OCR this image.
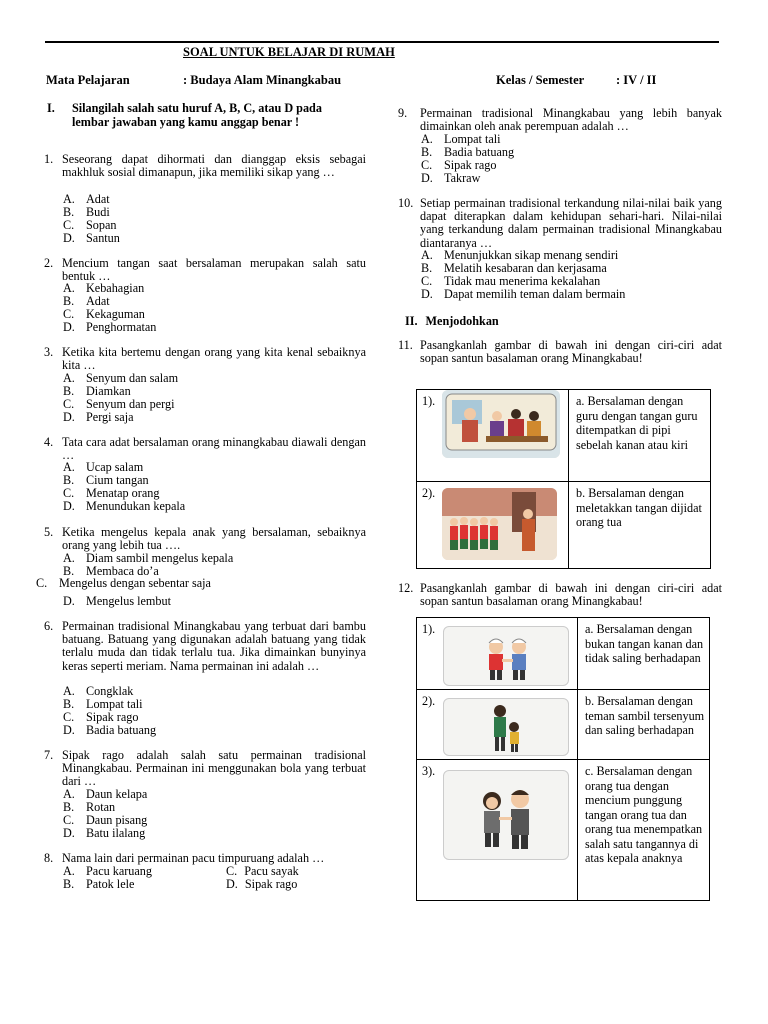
SOAL UNTUK BELAJAR DI RUMAH
Mata Pelajaran	: Budaya Alam Minangkabau	Kelas / Semester	: IV / II
I. Silangilah salah satu huruf A, B, C, atau D pada lembar jawaban yang kamu anggap benar !
1. Seseorang dapat dihormati dan dianggap eksis sebagai makhluk sosial dimanapun, jika memiliki sikap yang …
A. Adat
B. Budi
C. Sopan
D. Santun
2. Mencium tangan saat bersalaman merupakan salah satu bentuk …
A. Kebahagian
B. Adat
C. Kekaguman
D. Penghormatan
3. Ketika kita bertemu dengan orang yang kita kenal sebaiknya kita …
A. Senyum dan salam
B. Diamkan
C. Senyum dan pergi
D. Pergi saja
4. Tata cara adat bersalaman orang minangkabau diawali dengan …
A. Ucap salam
B. Cium tangan
C. Menatap orang
D. Menundukan kepala
5. Ketika mengelus kepala anak yang bersalaman, sebaiknya orang yang lebih tua ….
A. Diam sambil mengelus kepala
B. Membaca do’a
C. Mengelus dengan sebentar saja
D. Mengelus lembut
6. Permainan tradisional Minangkabau yang terbuat dari bambu batuang. Batuang yang digunakan adalah batuang yang tidak terlalu muda dan tidak terlalu tua. Jika dimainkan bunyinya keras seperti meriam. Nama permainan ini adalah …
A. Congklak
B. Lompat tali
C. Sipak rago
D. Badia batuang
7. Sipak rago adalah salah satu permainan tradisional Minangkabau. Permainan ini menggunakan bola yang terbuat dari …
A. Daun kelapa
B. Rotan
C. Daun pisang
D. Batu ilalang
8. Nama lain dari permainan pacu timpuruang adalah …
A. Pacu karuang
B. Patok lele
C. Pacu sayak
D. Sipak rago
9. Permainan tradisional Minangkabau yang lebih banyak dimainkan oleh anak perempuan adalah …
A. Lompat tali
B. Badia batuang
C. Sipak rago
D. Takraw
10. Setiap permainan tradisional terkandung nilai-nilai baik yang dapat diterapkan dalam kehidupan sehari-hari. Nilai-nilai yang terkandung dalam permainan tradisional Minangkabau diantaranya …
A. Menunjukkan sikap menang sendiri
B. Melatih kesabaran dan kerjasama
C. Tidak mau menerima kekalahan
D. Dapat memilih teman dalam bermain
II. Menjodohkan
11. Pasangkanlah gambar di bawah ini dengan ciri-ciri adat sopan santun basalaman orang Minangkabau!
1).	a. Bersalaman dengan guru dengan tangan guru ditempatkan di pipi sebelah kanan atau kiri
2).	b. Bersalaman dengan meletakkan tangan dijidat orang tua
12. Pasangkanlah gambar di bawah ini dengan ciri-ciri adat sopan santun basalaman orang Minangkabau!
1).	a. Bersalaman dengan bukan tangan kanan dan tidak saling berhadapan
2).	b. Bersalaman dengan teman sambil tersenyum dan saling berhadapan
3).	c. Bersalaman dengan orang tua dengan mencium punggung tangan orang tua dan orang tua menempatkan salah satu tangannya di atas kepala anaknya
